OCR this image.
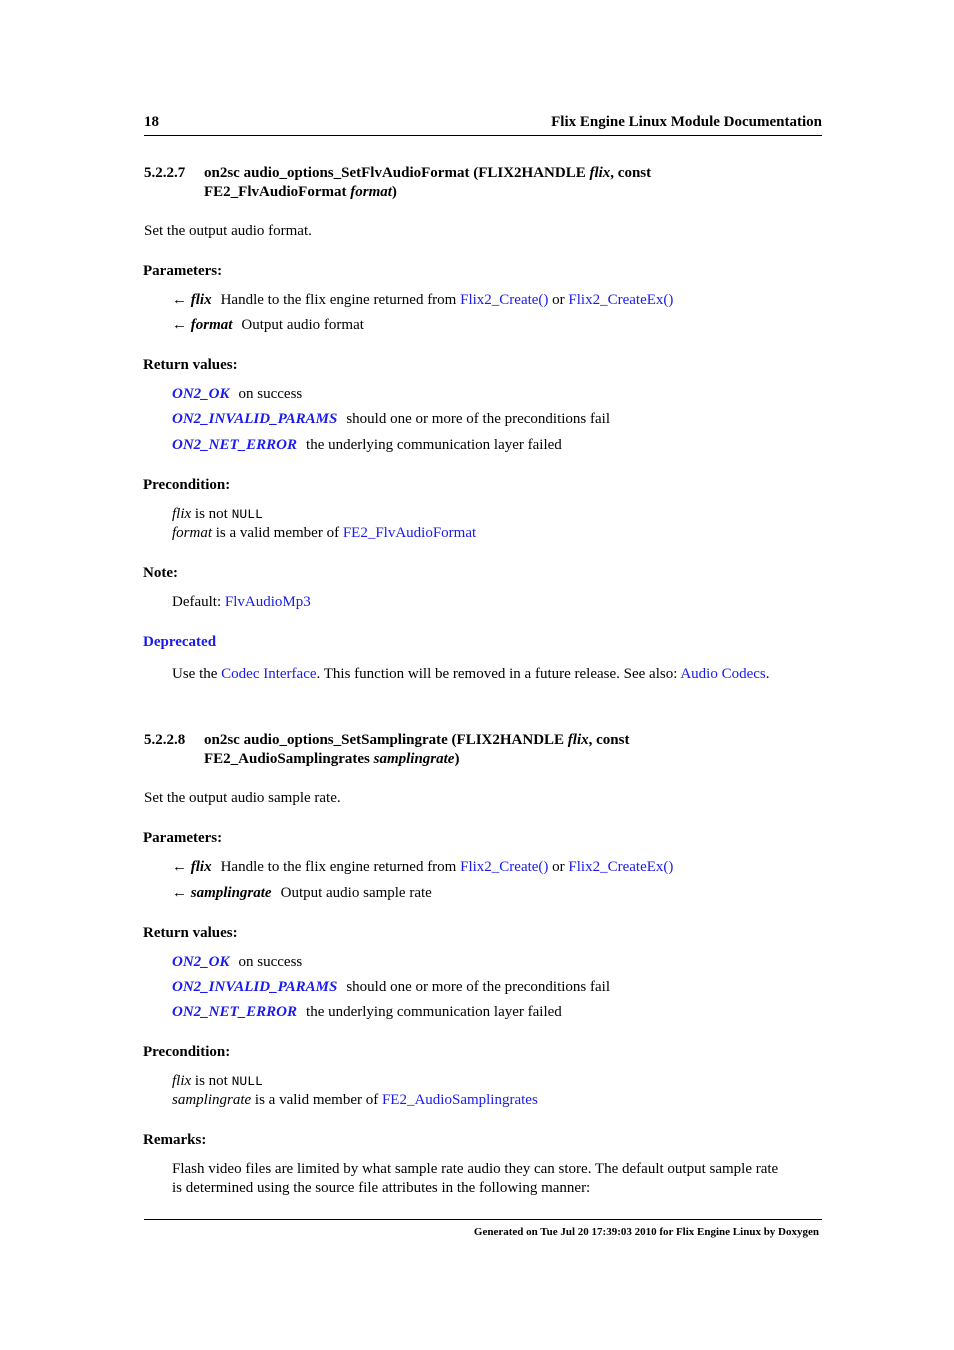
18	Flix Engine Linux Module Documentation
5.2.2.7 on2sc audio_options_SetFlvAudioFormat (FLIX2HANDLE flix, const
FE2_FlvAudioFormat format)
Set the output audio format.
Parameters:
← flix Handle to the flix engine returned from Flix2_Create() or Flix2_CreateEx()
← format Output audio format
Return values:
ON2_OK on success
ON2_INVALID_PARAMS should one or more of the preconditions fail
ON2_NET_ERROR the underlying communication layer failed
Precondition:
flix is not NULL
format is a valid member of FE2_FlvAudioFormat
Note:
Default: FlvAudioMp3
Deprecated
Use the Codec Interface. This function will be removed in a future release. See also: Audio Codecs.
5.2.2.8 on2sc audio_options_SetSamplingrate (FLIX2HANDLE flix, const
FE2_AudioSamplingrates samplingrate)
Set the output audio sample rate.
Parameters:
← flix Handle to the flix engine returned from Flix2_Create() or Flix2_CreateEx()
← samplingrate Output audio sample rate
Return values:
ON2_OK on success
ON2_INVALID_PARAMS should one or more of the preconditions fail
ON2_NET_ERROR the underlying communication layer failed
Precondition:
flix is not NULL
samplingrate is a valid member of FE2_AudioSamplingrates
Remarks:
Flash video files are limited by what sample rate audio they can store. The default output sample rate
is determined using the source file attributes in the following manner:
Generated on Tue Jul 20 17:39:03 2010 for Flix Engine Linux by Doxygen
